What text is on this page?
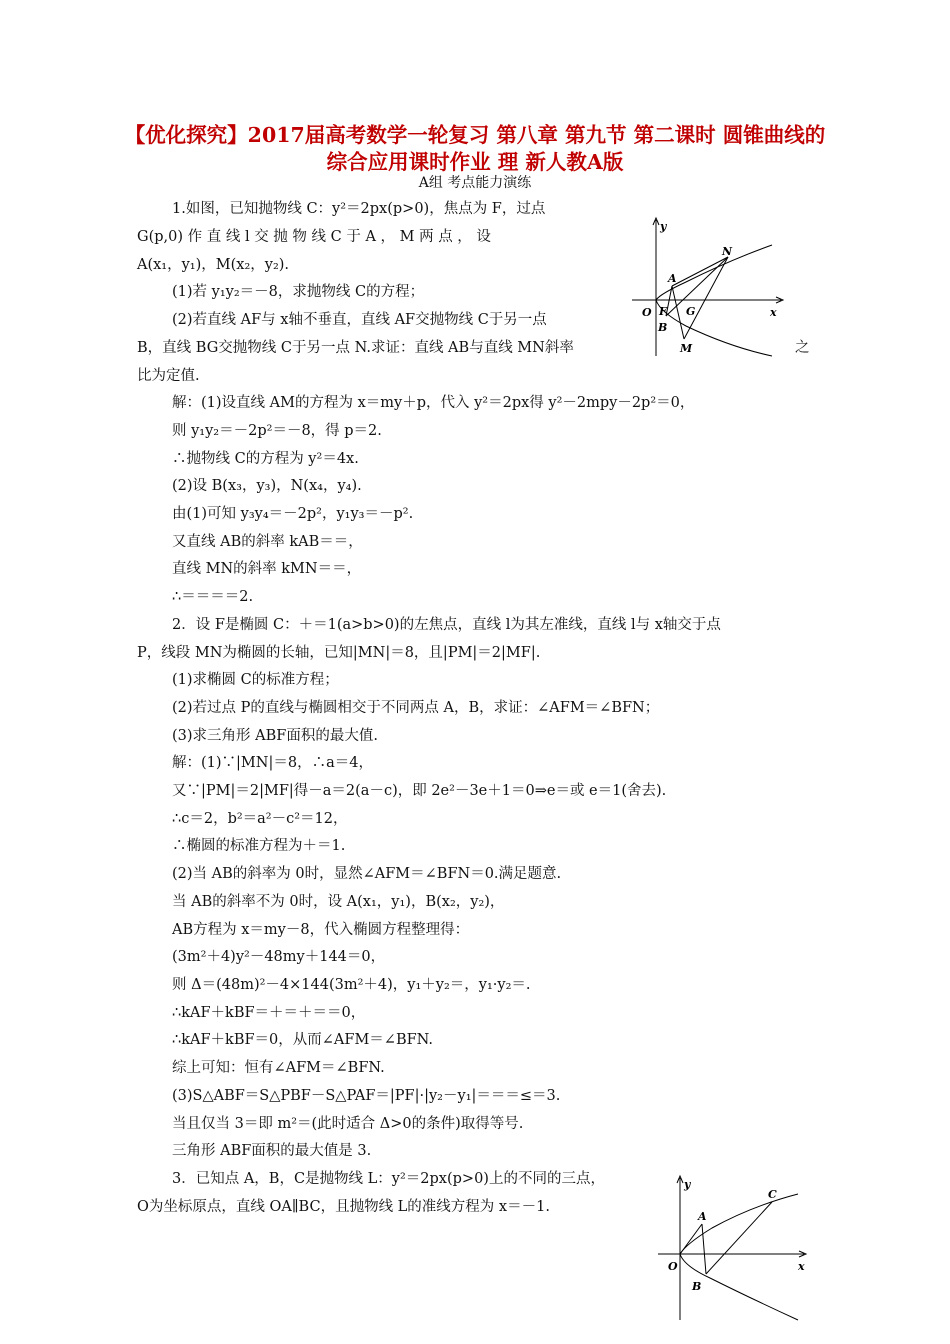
【优化探究】2017届高考数学一轮复习 第八章 第九节 第二课时 圆锥曲线的综合应用课时作业 理 新人教A版
A组 考点能力演练
1.如图，已知抛物线 C：y²＝2px(p>0)，焦点为 F，过点
G(p,0) 作 直 线 l 交 抛 物 线 C 于 A ， M 两 点 ， 设
A(x₁，y₁)，M(x₂，y₂).
(1)若 y₁y₂＝－8，求抛物线 C的方程；
(2)若直线 AF与 x轴不垂直，直线 AF交抛物线 C于另一点
B，直线 BG交抛物线 C于另一点 N.求证：直线 AB与直线 MN斜率	之
比为定值.
解：(1)设直线 AM的方程为 x＝my＋p，代入 y²＝2px得 y²－2mpy－2p²＝0，
则 y₁y₂＝－2p²＝－8，得 p＝2.
∴抛物线 C的方程为 y²＝4x.
(2)设 B(x₃，y₃)，N(x₄，y₄).
由(1)可知 y₃y₄＝－2p²，y₁y₃＝－p².
又直线 AB的斜率 kAB＝＝，
直线 MN的斜率 kMN＝＝，
∴＝＝＝＝2.
2．设 F是椭圆 C：＋＝1(a>b>0)的左焦点，直线 l为其左准线，直线 l与 x轴交于点
P，线段 MN为椭圆的长轴，已知|MN|＝8，且|PM|＝2|MF|.
(1)求椭圆 C的标准方程；
(2)若过点 P的直线与椭圆相交于不同两点 A，B，求证：∠AFM＝∠BFN；
(3)求三角形 ABF面积的最大值.
解：(1)∵|MN|＝8，∴a＝4，
又∵|PM|＝2|MF|得－a＝2(a－c)，即 2e²－3e＋1＝0⇒e＝或 e＝1(舍去).
∴c＝2，b²＝a²－c²＝12，
∴椭圆的标准方程为＋＝1.
(2)当 AB的斜率为 0时，显然∠AFM＝∠BFN＝0.满足题意.
当 AB的斜率不为 0时，设 A(x₁，y₁)，B(x₂，y₂)，
AB方程为 x＝my－8，代入椭圆方程整理得：
(3m²＋4)y²－48my＋144＝0，
则 Δ＝(48m)²－4×144(3m²＋4)，y₁＋y₂＝，y₁·y₂＝.
∴kAF＋kBF＝＋＝＋＝＝0，
∴kAF＋kBF＝0，从而∠AFM＝∠BFN.
综上可知：恒有∠AFM＝∠BFN.
(3)S△ABF＝S△PBF－S△PAF＝|PF|·|y₂－y₁|＝＝＝≤＝3.
当且仅当 3＝即 m²＝(此时适合 Δ>0的条件)取得等号.
三角形 ABF面积的最大值是 3.
3．已知点 A，B，C是抛物线 L：y²＝2px(p>0)上的不同的三点，
O为坐标原点，直线 OA∥BC，且抛物线 L的准线方程为 x＝－1.
y
x
O F G
A
B
M
N
y
x
O
A
B
C
